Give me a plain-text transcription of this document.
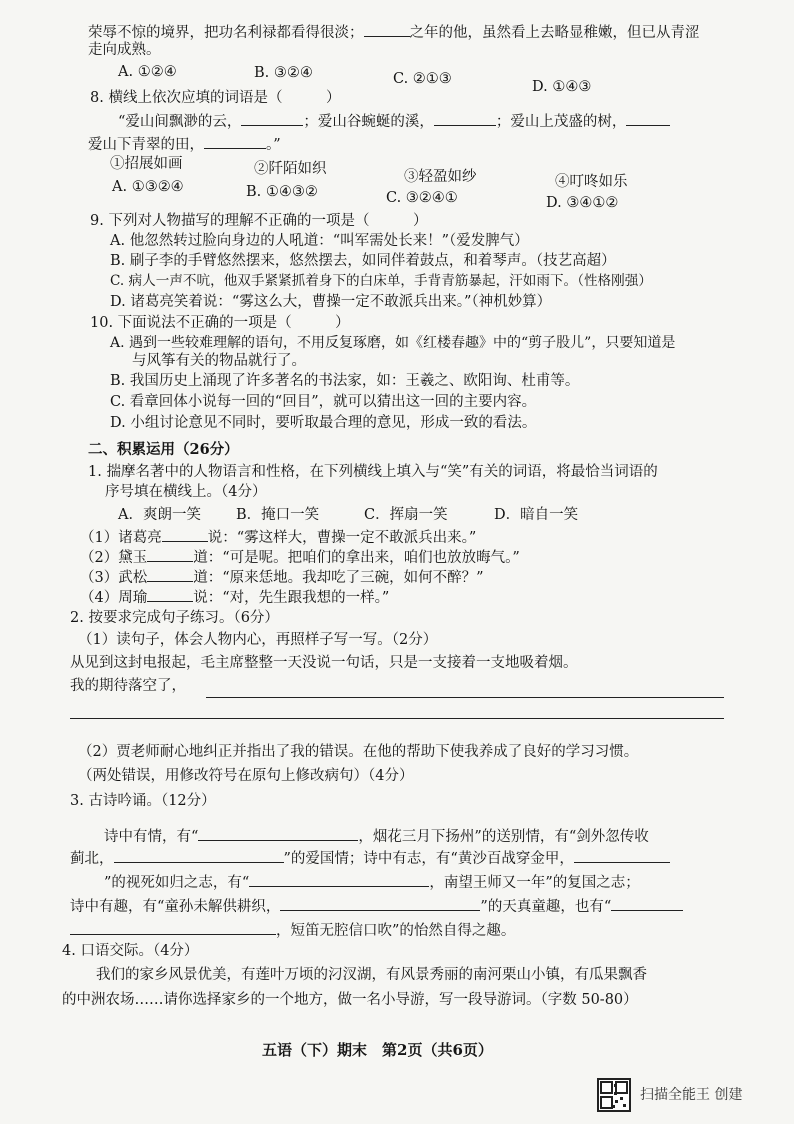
荣辱不惊的境界，把功名利禄都看得很淡；	之年的他，虽然看上去略显稚嫩，但已从青涩
走向成熟。
A. ①②④	B. ③②④	C. ②①③	D. ①④③
8. 横线上依次应填的词语是（　　　）
“爱山间飘渺的云，	；爱山谷蜿蜒的溪，	；爱山上茂盛的树，
爱山下青翠的田，	。”
①招展如画	②阡陌如织	③轻盈如纱	④叮咚如乐
A. ①③②④	B. ①④③②	C. ③②④①	D. ③④①②
9. 下列对人物描写的理解不正确的一项是（　　　）
A. 他忽然转过脸向身边的人吼道：“叫军需处长来！”（爱发脾气）
B. 刷子李的手臂悠然摆来，悠然摆去，如同伴着鼓点，和着琴声。（技艺高超）
C. 病人一声不吭，他双手紧紧抓着身下的白床单，手背青筋暴起，汗如雨下。（性格刚强）
D. 诸葛亮笑着说：“雾这么大，曹操一定不敢派兵出来。”（神机妙算）
10. 下面说法不正确的一项是（　　　）
A. 遇到一些较难理解的语句，不用反复琢磨，如《红楼春趣》中的“剪子股儿”，只要知道是
与风筝有关的物品就行了。
B. 我国历史上涌现了许多著名的书法家，如：王羲之、欧阳询、杜甫等。
C. 看章回体小说每一回的“回目”，就可以猜出这一回的主要内容。
D. 小组讨论意见不同时，要听取最合理的意见，形成一致的看法。
二、积累运用（26分）
1. 揣摩名著中的人物语言和性格，在下列横线上填入与“笑”有关的词语，将最恰当词语的
序号填在横线上。（4分）
A．爽朗一笑 B．掩口一笑	C．挥扇一笑	D．暗自一笑
（1）诸葛亮	说：“雾这样大，曹操一定不敢派兵出来。”
（2）黛玉	道：“可是呢。把咱们的拿出来，咱们也放放晦气。”
（3）武松	道：“原来恁地。我却吃了三碗，如何不醉？”
（4）周瑜	说：“对，先生跟我想的一样。”
2. 按要求完成句子练习。（6分）
（1）读句子，体会人物内心，再照样子写一写。（2分）
从见到这封电报起，毛主席整整一天没说一句话，只是一支接着一支地吸着烟。
我的期待落空了，
（2）贾老师耐心地纠正并指出了我的错误。在他的帮助下使我养成了良好的学习习惯。
（两处错误，用修改符号在原句上修改病句）（4分）
3. 古诗吟诵。（12分）
诗中有情，有“	，烟花三月下扬州”的送别情，有“剑外忽传收
蓟北，	”的爱国情；诗中有志，有“黄沙百战穿金甲，
”的视死如归之志，有“	，南望王师又一年”的复国之志；
诗中有趣，有“童孙未解供耕织，	”的天真童趣，也有“
，短笛无腔信口吹”的怡然自得之趣。
4. 口语交际。（4分）
我们的家乡风景优美，有莲叶万顷的汈汊湖，有风景秀丽的南河栗山小镇，有瓜果飘香
的中洲农场……请你选择家乡的一个地方，做一名小导游，写一段导游词。（字数 50-80）
五语（下）期末　第2页（共6页）
扫描全能王 创建
